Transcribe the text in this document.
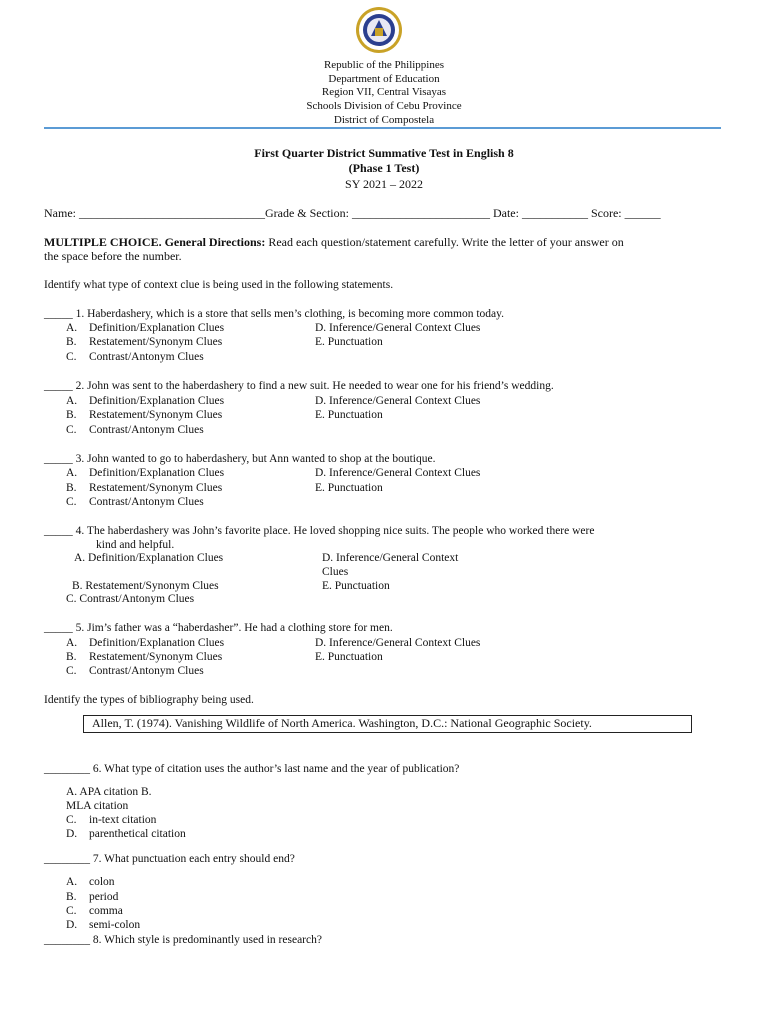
Republic of the Philippines
Department of Education
Region VII, Central Visayas
Schools Division of Cebu Province
District of Compostela
First Quarter District Summative Test in English 8
(Phase 1 Test)
SY 2021 – 2022
Name: _______________________________Grade & Section: _______________________ Date: ___________ Score: ______
MULTIPLE CHOICE. General Directions: Read each question/statement carefully. Write the letter of your answer on
the space before the number.
Identify what type of context clue is being used in the following statements.
_____ 1. Haberdashery, which is a store that sells men’s clothing, is becoming more common today.
A. Definition/Explanation Clues	D. Inference/General Context Clues
B. Restatement/Synonym Clues	E. Punctuation
C. Contrast/Antonym Clues
_____ 2. John was sent to the haberdashery to find a new suit. He needed to wear one for his friend’s wedding.
A. Definition/Explanation Clues	D. Inference/General Context Clues
B. Restatement/Synonym Clues	E. Punctuation
C. Contrast/Antonym Clues
_____ 3. John wanted to go to haberdashery, but Ann wanted to shop at the boutique.
A. Definition/Explanation Clues	D. Inference/General Context Clues
B. Restatement/Synonym Clues	E. Punctuation
C. Contrast/Antonym Clues
_____ 4. The haberdashery was John’s favorite place. He loved shopping nice suits. The people who worked there were
kind and helpful.
A. Definition/Explanation Clues	D. Inference/General Context
Clues
B. Restatement/Synonym Clues	E. Punctuation
C. Contrast/Antonym Clues
_____ 5. Jim’s father was a “haberdasher”. He had a clothing store for men.
A. Definition/Explanation Clues	D. Inference/General Context Clues
B. Restatement/Synonym Clues	E. Punctuation
C. Contrast/Antonym Clues
Identify the types of bibliography being used.
Allen, T. (1974). Vanishing Wildlife of North America. Washington, D.C.: National Geographic Society.
________ 6. What type of citation uses the author’s last name and the year of publication?
A. APA citation B.
MLA citation
C. in-text citation
D. parenthetical citation
________ 7. What punctuation each entry should end?
A. colon
B. period
C. comma
D. semi-colon
________ 8. Which style is predominantly used in research?
